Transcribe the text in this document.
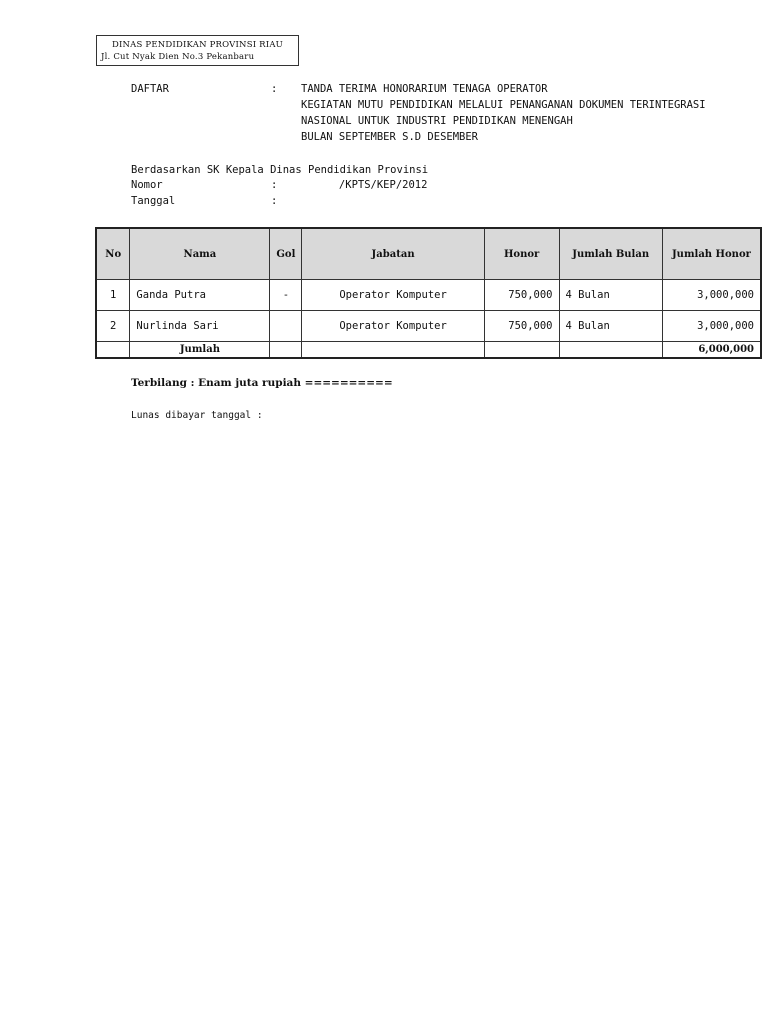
DINAS PENDIDIKAN PROVINSI RIAU
Jl. Cut Nyak Dien No.3 Pekanbaru
DAFTAR	: TANDA TERIMA HONORARIUM TENAGA OPERATOR
KEGIATAN MUTU PENDIDIKAN MELALUI PENANGANAN DOKUMEN TERINTEGRASI
NASIONAL UNTUK INDUSTRI PENDIDIKAN MENENGAH
BULAN SEPTEMBER S.D DESEMBER
Berdasarkan SK Kepala Dinas Pendidikan Provinsi
Nomor	: /KPTS/KEP/2012
Tanggal	:
No	Nama	Gol	Jabatan	Honor	Jumlah Bulan	Jumlah Honor
1	Ganda Putra	-	Operator Komputer	750,000	4 Bulan	3,000,000
2	Nurlinda Sari		Operator Komputer	750,000	4 Bulan	3,000,000
	Jumlah					6,000,000
Terbilang : Enam juta rupiah ==========
Lunas dibayar tanggal :
